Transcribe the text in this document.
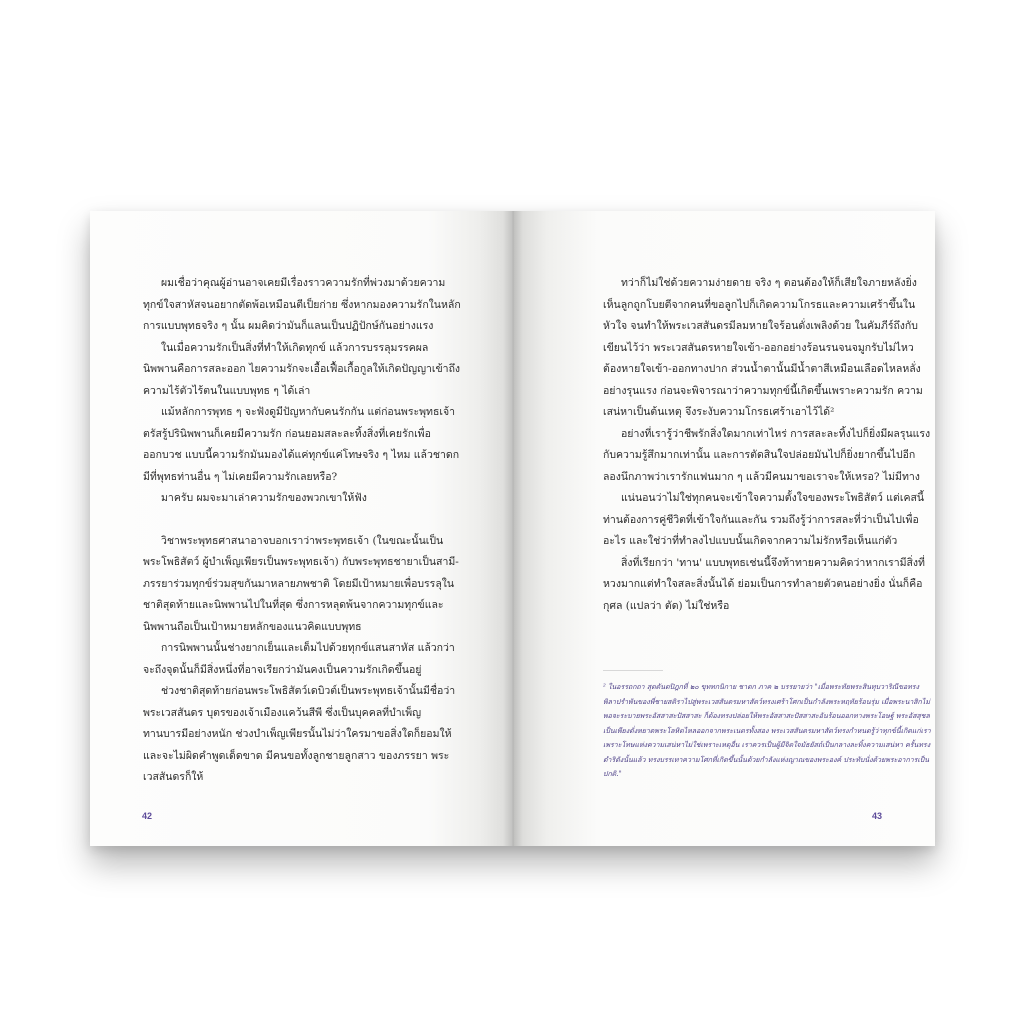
ผมเชื่อว่าคุณผู้อ่านอาจเคยมีเรื่องราวความรักที่พ่วงมาด้วยความทุกข์ใจสาหัสจนอยากตัดพ้อเหมือนตีเป็ยก่าย ซึ่งหากมองความรักในหลักการแบบพุทธจริง ๆ นั้น ผมคิดว่ามันก็แลนเป็นปฏิปักษ์กันอย่างแรง

ในเมื่อความรักเป็นสิ่งที่ทำให้เกิดทุกข์ แล้วการบรรลุมรรคผลนิพพานคือการสละออก ไยความรักจะเอื้อเฟื้อเกื้อกูลให้เกิดปัญญาเข้าถึงความไร้ตัวไร้ตนในแบบพุทธ ๆ ได้เล่า

แม้หลักการพุทธ ๆ จะฟังดูมีปัญหากับคนรักกัน แต่ก่อนพระพุทธเจ้าตรัสรู้ปรินิพพานก็เคยมีความรัก ก่อนยอมสละละทิ้งสิ่งที่เคยรักเพื่อออกบวช แบบนี้ความรักมันมองได้แค่ทุกข์แค่โทษจริง ๆ ไหม แล้วชาดกมีที่พุทธท่านอื่น ๆ ไม่เคยมีความรักเลยหรือ?

มาครับ ผมจะมาเล่าความรักของพวกเขาให้ฟัง

วิชาพระพุทธศาสนาอาจบอกเราว่าพระพุทธเจ้า (ในขณะนั้นเป็นพระโพธิสัตว์ ผู้บำเพ็ญเพียรเป็นพระพุทธเจ้า) กับพระพุทธชายาเป็นสามี-ภรรยาร่วมทุกข์ร่วมสุขกันมาหลายภพชาติ โดยมีเป้าหมายเพื่อบรรลุในชาติสุดท้ายและนิพพานไปในที่สุด ซึ่งการหลุดพ้นจากความทุกข์และนิพพานถือเป็นเป้าหมายหลักของแนวคิดแบบพุทธ

การนิพพานนั้นช่างยากเย็นและเต็มไปด้วยทุกข์แสนสาหัส แล้วกว่าจะถึงจุดนั้นก็มีสิ่งหนึ่งที่อาจเรียกว่ามันคงเป็นความรักเกิดขึ้นอยู่

ช่วงชาติสุดท้ายก่อนพระโพธิสัตว์เดบิวต์เป็นพระพุทธเจ้านั้นมีชื่อว่า พระเวสสันดร บุตรของเจ้าเมืองแคว้นสีพี ซึ่งเป็นบุคคลที่บำเพ็ญทานบารมีอย่างหนัก ช่วงบำเพ็ญเพียรนั้นไม่ว่าใครมาขอสิ่งใดก็ยอมให้และจะไม่ผิดคำพูดเด็ดขาด มีคนขอทั้งลูกชายลูกสาว ของภรรยา พระเวสสันดรก็ให้

42

ทว่าก็ไม่ใช่ด้วยความง่ายดาย จริง ๆ ตอนต้องให้ก็เสียใจภายหลังยิ่งเห็นลูกถูกโบยตีจากคนที่ขอลูกไปก็เกิดความโกรธและความเศร้าขึ้นในหัวใจ จนทำให้พระเวสสันดรมีลมหายใจร้อนดั่งเพลิงด้วย ในคัมภีร์ถึงกับเขียนไว้ว่า พระเวสสันดรหายใจเข้า-ออกอย่างร้อนรนจนจมูกรับไม่ไหว ต้องหายใจเข้า-ออกทางปาก ส่วนน้ำตานั้นมีน้ำตาสีเหมือนเลือดไหลหลั่งอย่างรุนแรง ก่อนจะพิจารณาว่าความทุกข์นี้เกิดขึ้นเพราะความรัก ความเสน่หาเป็นต้นเหตุ จึงระงับความโกรธเศร้าเอาไว้ได้²

อย่างที่เรารู้ว่าชีพรักสิ่งใดมากเท่าไหร่ การสละละทิ้งไปก็ยิ่งมีผลรุนแรงกับความรู้สึกมากเท่านั้น และการตัดสินใจปล่อยมันไปก็ยิ่งยากขึ้นไปอีก ลองนึกภาพว่าเรารักแฟนมาก ๆ แล้วมีคนมาขอเราจะให้เหรอ? ไม่มีทาง

แน่นอนว่าไม่ใช่ทุกคนจะเข้าใจความตั้งใจของพระโพธิสัตว์ แต่เคสนี้ท่านต้องการคู่ชีวิตที่เข้าใจกันและกัน รวมถึงรู้ว่าการสละที่ว่าเป็นไปเพื่ออะไร และใช่ว่าที่ทำลงไปแบบนั้นเกิดจากความไม่รักหรือเห็นแก่ตัว

สิ่งที่เรียกว่า 'ทาน' แบบพุทธเช่นนี้จึงท้าทายความคิดว่าหากเรามีสิ่งที่หวงมากแต่ทำใจสละสิ่งนั้นได้ ย่อมเป็นการทำลายตัวตนอย่างยิ่ง นั่นก็คือกุศล (แปลว่า ตัด) ไม่ใช่หรือ

² ในอรรถกถา สุตตันตปิฎกที่ ๒๐ ขุททกนิกาย ชาดก ภาค ๒ บรรยายว่า "เมื่อพระทัยพระสินทุบวาริณีขอทรงพิลาปรำพันของพี่ชายสติราไปสู่พระเวสสันดรมหาสัตว์ทรงเศร้าโศกเป็นกำลังพระหฤทัยร้อนรุ่ม เมื่อพระนาสิกไม่พอจะระบายพระอัสสาสะปัสสาสะ ก็ต้องทรงปล่อยให้พระอัสสาสะปัสสาสะอันร้อนออกทางพระโอษฐ์ พระอัสสุชลเป็นเพียงดั่งหยาดพระโลหิตไหลออกจากพระเนตรทั้งสอง พระเวสสันดรมหาสัตว์ทรงกำหนดรู้ว่าทุกข์นี้เกิดแก่เราเพราะโทษแห่งความเสน่หาไม่ใช่เพราะเหตุอื่น เราควรเป็นผู้มีจิตใจมัธยัสถ์เป็นกลางละทิ้งความเสน่หา ครั้นทรงดำริดังนั้นแล้ว ทรงบรรเทาความโศกที่เกิดขึ้นนั้นด้วยกำลังแห่งญาณของพระองค์ ประทับนั่งด้วยพระอาการเป็นปกติ."
43
